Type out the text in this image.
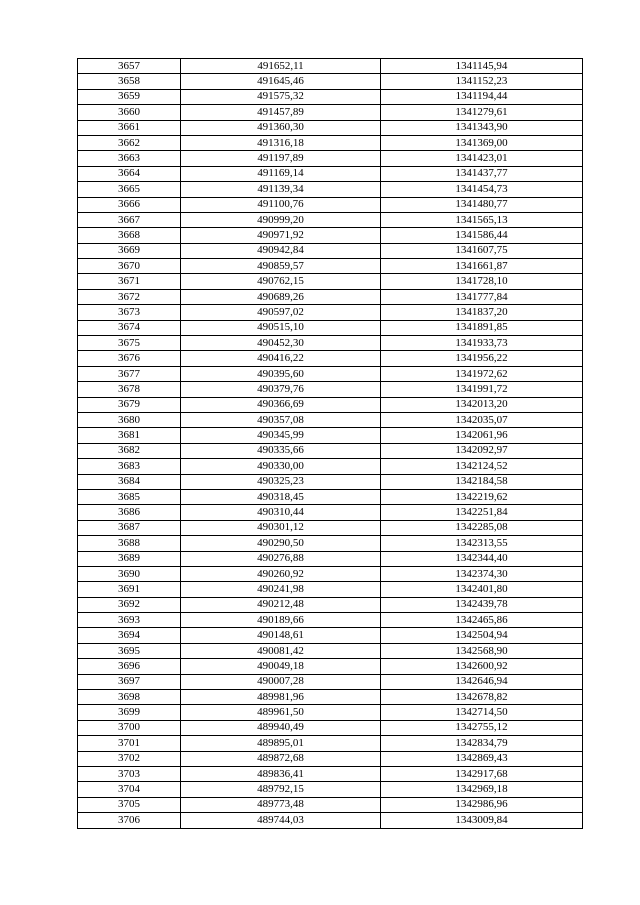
3657	491652,11	1341145,94
3658	491645,46	1341152,23
3659	491575,32	1341194,44
3660	491457,89	1341279,61
3661	491360,30	1341343,90
3662	491316,18	1341369,00
3663	491197,89	1341423,01
3664	491169,14	1341437,77
3665	491139,34	1341454,73
3666	491100,76	1341480,77
3667	490999,20	1341565,13
3668	490971,92	1341586,44
3669	490942,84	1341607,75
3670	490859,57	1341661,87
3671	490762,15	1341728,10
3672	490689,26	1341777,84
3673	490597,02	1341837,20
3674	490515,10	1341891,85
3675	490452,30	1341933,73
3676	490416,22	1341956,22
3677	490395,60	1341972,62
3678	490379,76	1341991,72
3679	490366,69	1342013,20
3680	490357,08	1342035,07
3681	490345,99	1342061,96
3682	490335,66	1342092,97
3683	490330,00	1342124,52
3684	490325,23	1342184,58
3685	490318,45	1342219,62
3686	490310,44	1342251,84
3687	490301,12	1342285,08
3688	490290,50	1342313,55
3689	490276,88	1342344,40
3690	490260,92	1342374,30
3691	490241,98	1342401,80
3692	490212,48	1342439,78
3693	490189,66	1342465,86
3694	490148,61	1342504,94
3695	490081,42	1342568,90
3696	490049,18	1342600,92
3697	490007,28	1342646,94
3698	489981,96	1342678,82
3699	489961,50	1342714,50
3700	489940,49	1342755,12
3701	489895,01	1342834,79
3702	489872,68	1342869,43
3703	489836,41	1342917,68
3704	489792,15	1342969,18
3705	489773,48	1342986,96
3706	489744,03	1343009,84
